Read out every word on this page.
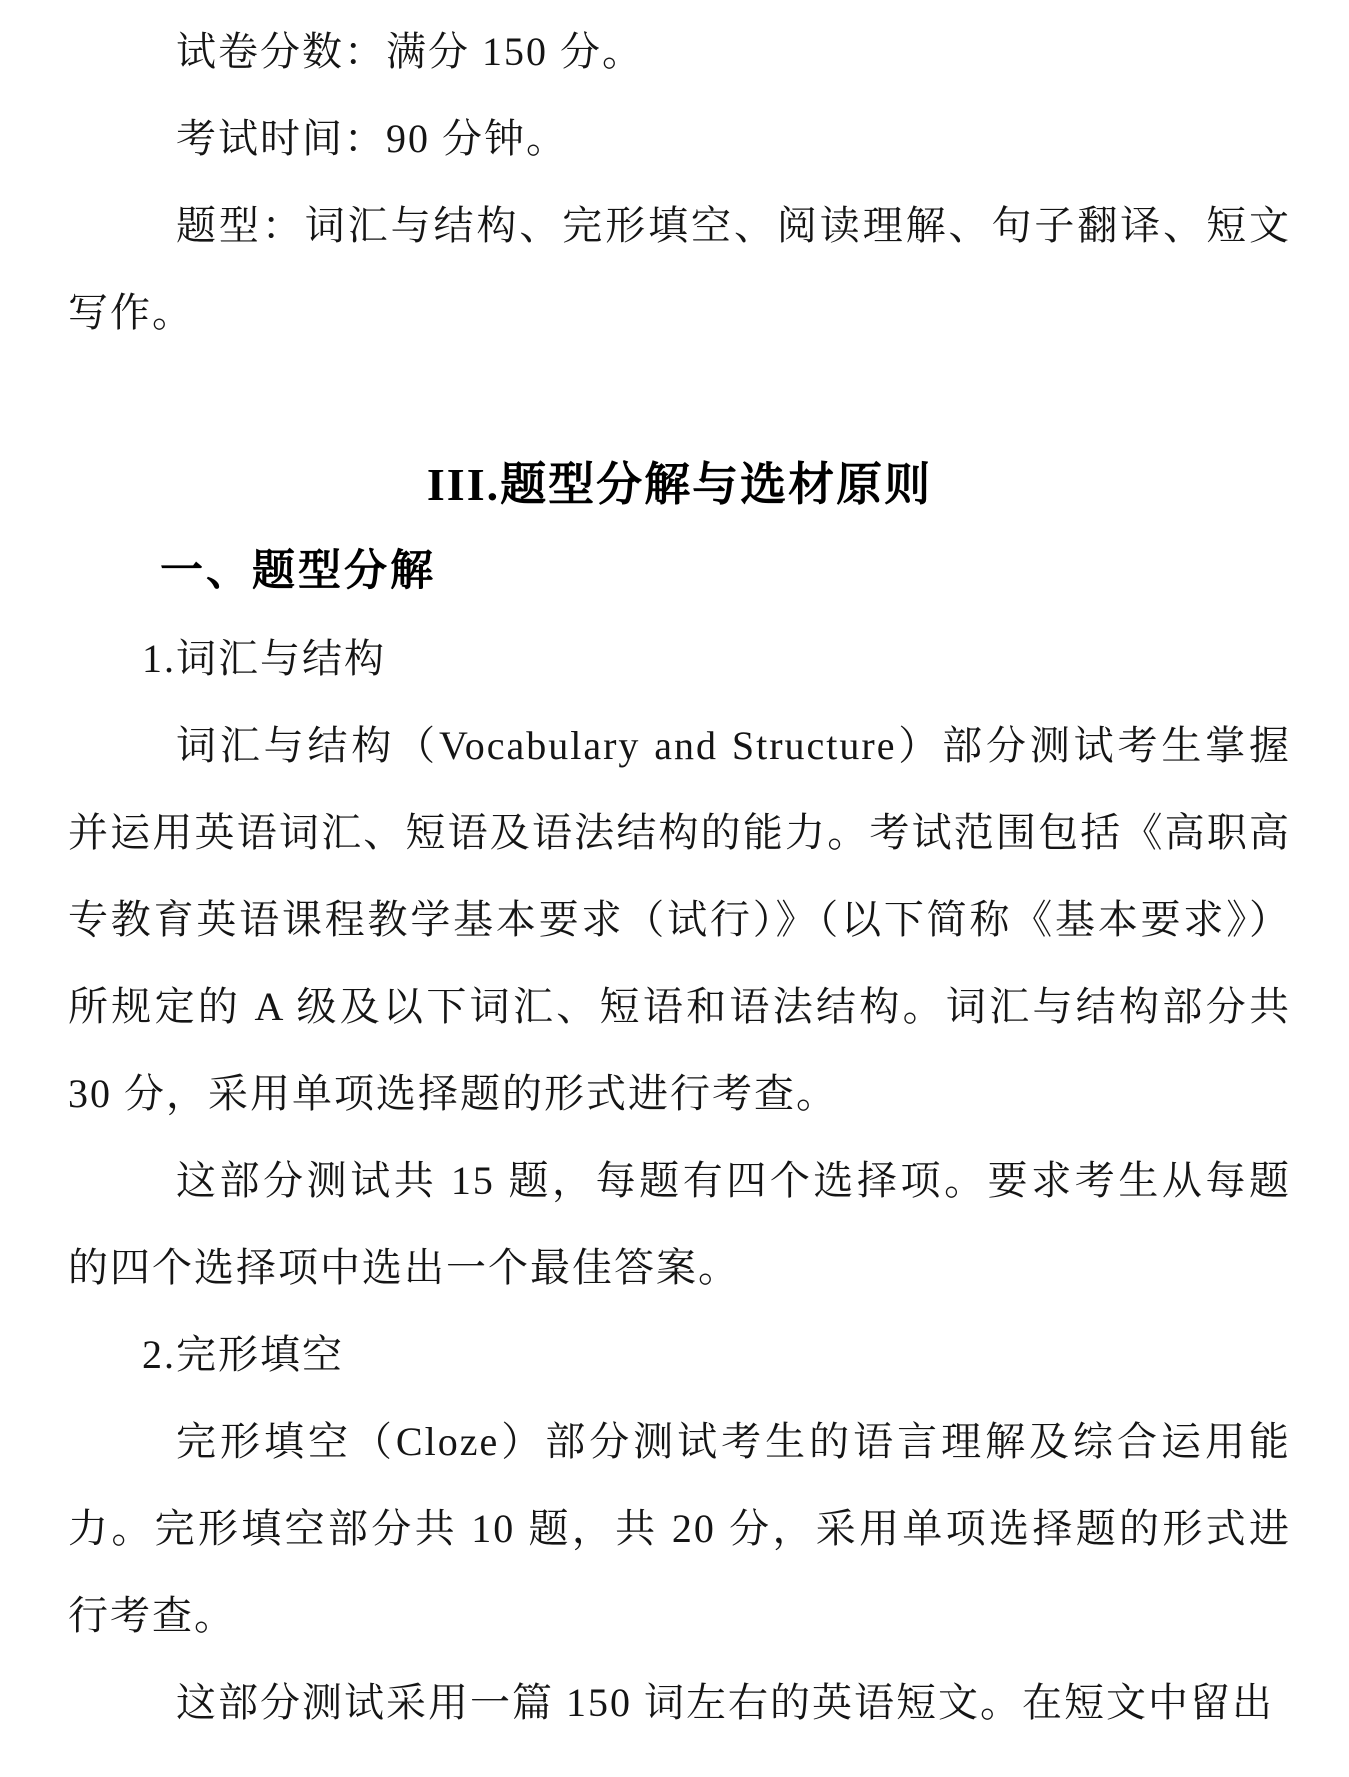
试卷分数：满分 150 分。

考试时间：90 分钟。

题型：词汇与结构、完形填空、阅读理解、句子翻译、短文写作。

III.题型分解与选材原则
一、题型分解

1.词汇与结构

词汇与结构（Vocabulary and Structure）部分测试考生掌握并运用英语词汇、短语及语法结构的能力。考试范围包括《高职高专教育英语课程教学基本要求（试行）》（以下简称《基本要求》）所规定的 A 级及以下词汇、短语和语法结构。词汇与结构部分共 30 分，采用单项选择题的形式进行考查。

这部分测试共 15 题，每题有四个选择项。要求考生从每题的四个选择项中选出一个最佳答案。

2.完形填空

完形填空（Cloze）部分测试考生的语言理解及综合运用能力。完形填空部分共 10 题，共 20 分，采用单项选择题的形式进行考查。

这部分测试采用一篇 150 词左右的英语短文。在短文中留出
